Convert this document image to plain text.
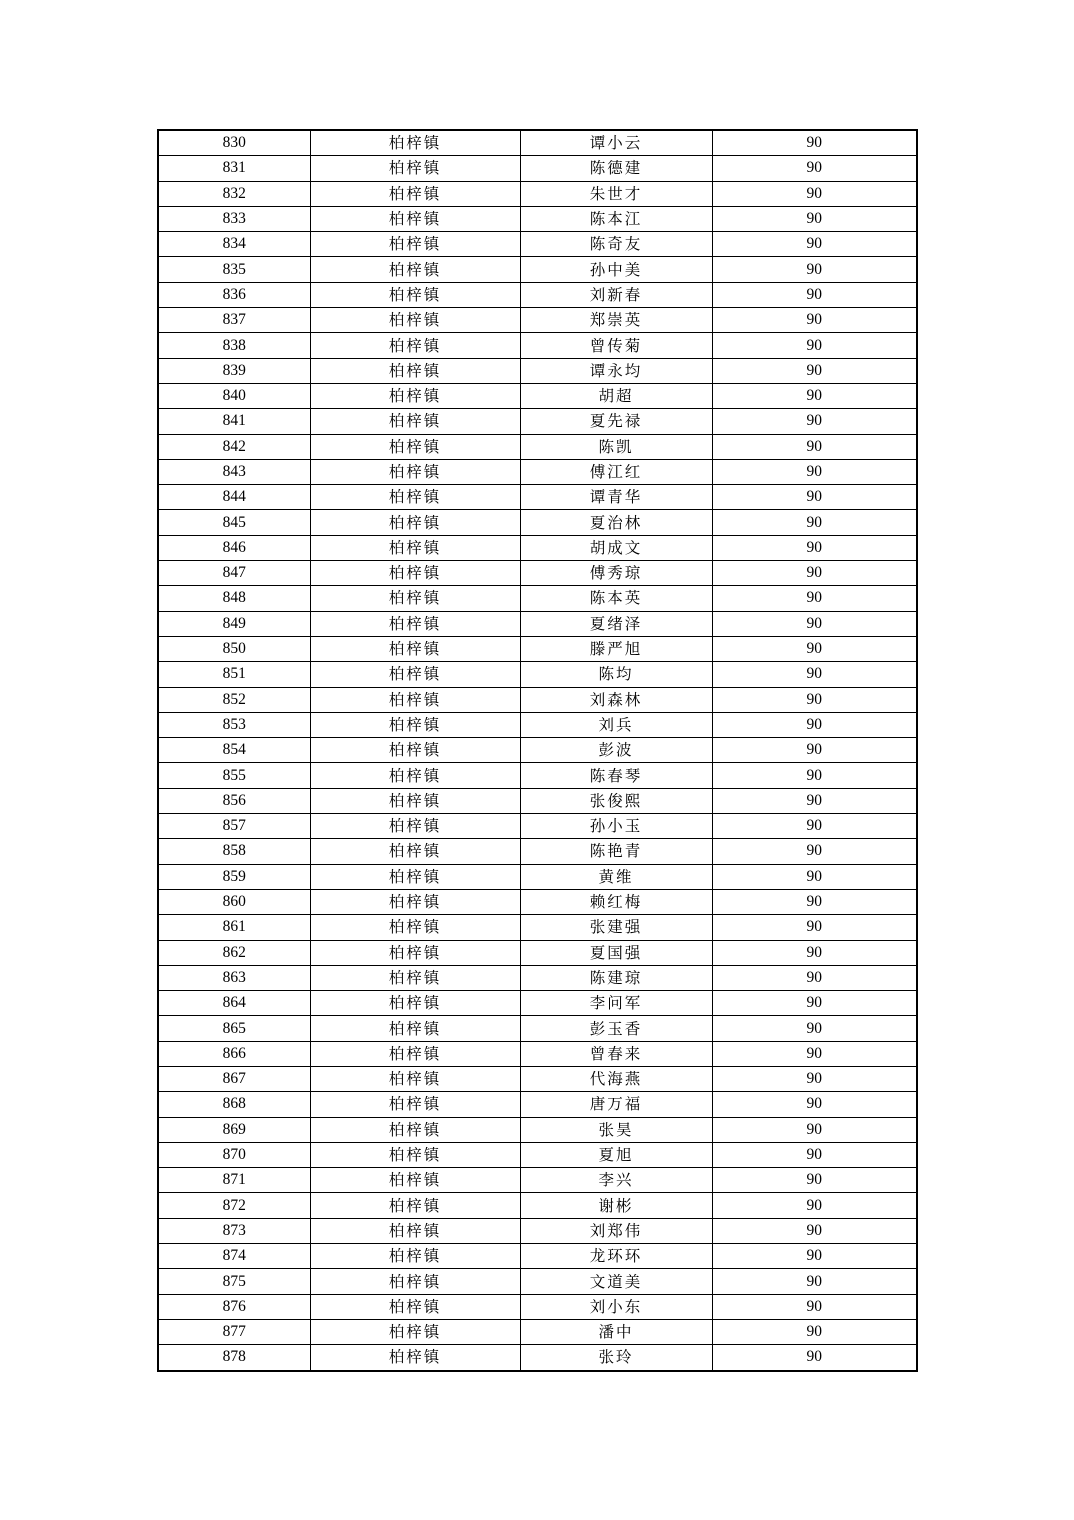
830	柏梓镇	谭小云	90
831	柏梓镇	陈德建	90
832	柏梓镇	朱世才	90
833	柏梓镇	陈本江	90
834	柏梓镇	陈奇友	90
835	柏梓镇	孙中美	90
836	柏梓镇	刘新春	90
837	柏梓镇	郑崇英	90
838	柏梓镇	曾传菊	90
839	柏梓镇	谭永均	90
840	柏梓镇	胡超	90
841	柏梓镇	夏先禄	90
842	柏梓镇	陈凯	90
843	柏梓镇	傅江红	90
844	柏梓镇	谭青华	90
845	柏梓镇	夏治林	90
846	柏梓镇	胡成文	90
847	柏梓镇	傅秀琼	90
848	柏梓镇	陈本英	90
849	柏梓镇	夏绪泽	90
850	柏梓镇	滕严旭	90
851	柏梓镇	陈均	90
852	柏梓镇	刘森林	90
853	柏梓镇	刘兵	90
854	柏梓镇	彭波	90
855	柏梓镇	陈春琴	90
856	柏梓镇	张俊熙	90
857	柏梓镇	孙小玉	90
858	柏梓镇	陈艳青	90
859	柏梓镇	黄维	90
860	柏梓镇	赖红梅	90
861	柏梓镇	张建强	90
862	柏梓镇	夏国强	90
863	柏梓镇	陈建琼	90
864	柏梓镇	李问军	90
865	柏梓镇	彭玉香	90
866	柏梓镇	曾春来	90
867	柏梓镇	代海燕	90
868	柏梓镇	唐万福	90
869	柏梓镇	张昊	90
870	柏梓镇	夏旭	90
871	柏梓镇	李兴	90
872	柏梓镇	谢彬	90
873	柏梓镇	刘郑伟	90
874	柏梓镇	龙环环	90
875	柏梓镇	文道美	90
876	柏梓镇	刘小东	90
877	柏梓镇	潘中	90
878	柏梓镇	张玲	90
